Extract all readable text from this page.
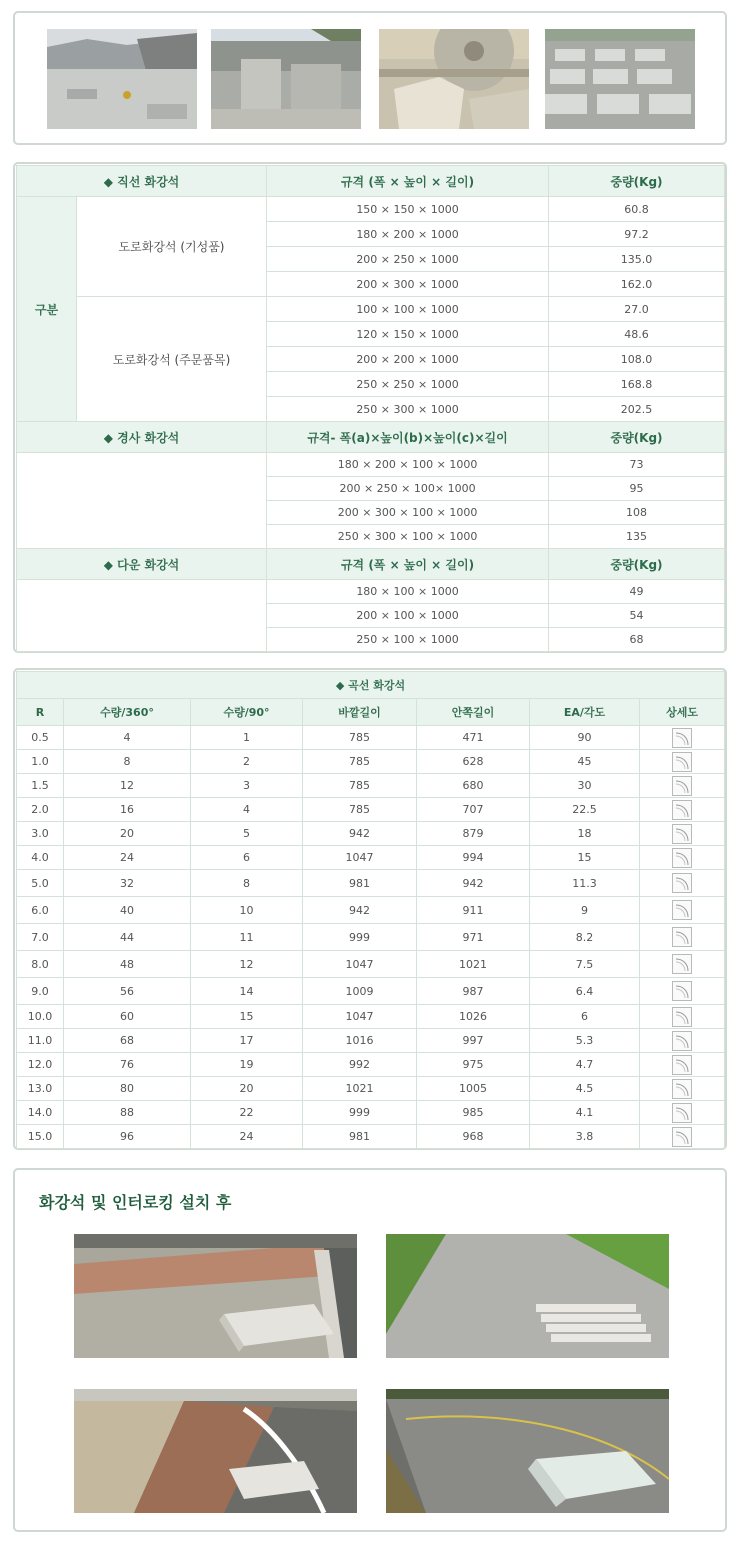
◆ 직선 화강석		규격 (폭 × 높이 × 길이)	중량(Kg)
구분	도로화강석 (기성품)	150 × 150 × 1000	60.8
		180 × 200 × 1000	97.2
		200 × 250 × 1000	135.0
		200 × 300 × 1000	162.0
	도로화강석 (주문품목)	100 × 100 × 1000	27.0
		120 × 150 × 1000	48.6
		200 × 200 × 1000	108.0
		250 × 250 × 1000	168.8
		250 × 300 × 1000	202.5
◆ 경사 화강석		규격- 폭(a)×높이(b)×높이(c)×길이	중량(Kg)
		180 × 200 × 100 × 1000	73
		200 × 250 × 100× 1000	95
		200 × 300 × 100 × 1000	108
		250 × 300 × 100 × 1000	135
◆ 다운 화강석		규격 (폭 × 높이 × 길이)	중량(Kg)
		180 × 100 × 1000	49
		200 × 100 × 1000	54
		250 × 100 × 1000	68
◆ 곡선 화강석						
R	수량/360°	수량/90°	바깥길이	안쪽길이	EA/각도	상세도
0.5	4	1	785	471	90	

1.0	8	2	785	628	45	

1.5	12	3	785	680	30	

2.0	16	4	785	707	22.5	

3.0	20	5	942	879	18	

4.0	24	6	1047	994	15	

5.0	32	8	981	942	11.3	

6.0	40	10	942	911	9	

7.0	44	11	999	971	8.2	

8.0	48	12	1047	1021	7.5	

9.0	56	14	1009	987	6.4	

10.0	60	15	1047	1026	6	

11.0	68	17	1016	997	5.3	

12.0	76	19	992	975	4.7	

13.0	80	20	1021	1005	4.5	

14.0	88	22	999	985	4.1	

15.0	96	24	981	968	3.8	
화강석 및 인터로킹 설치 후
